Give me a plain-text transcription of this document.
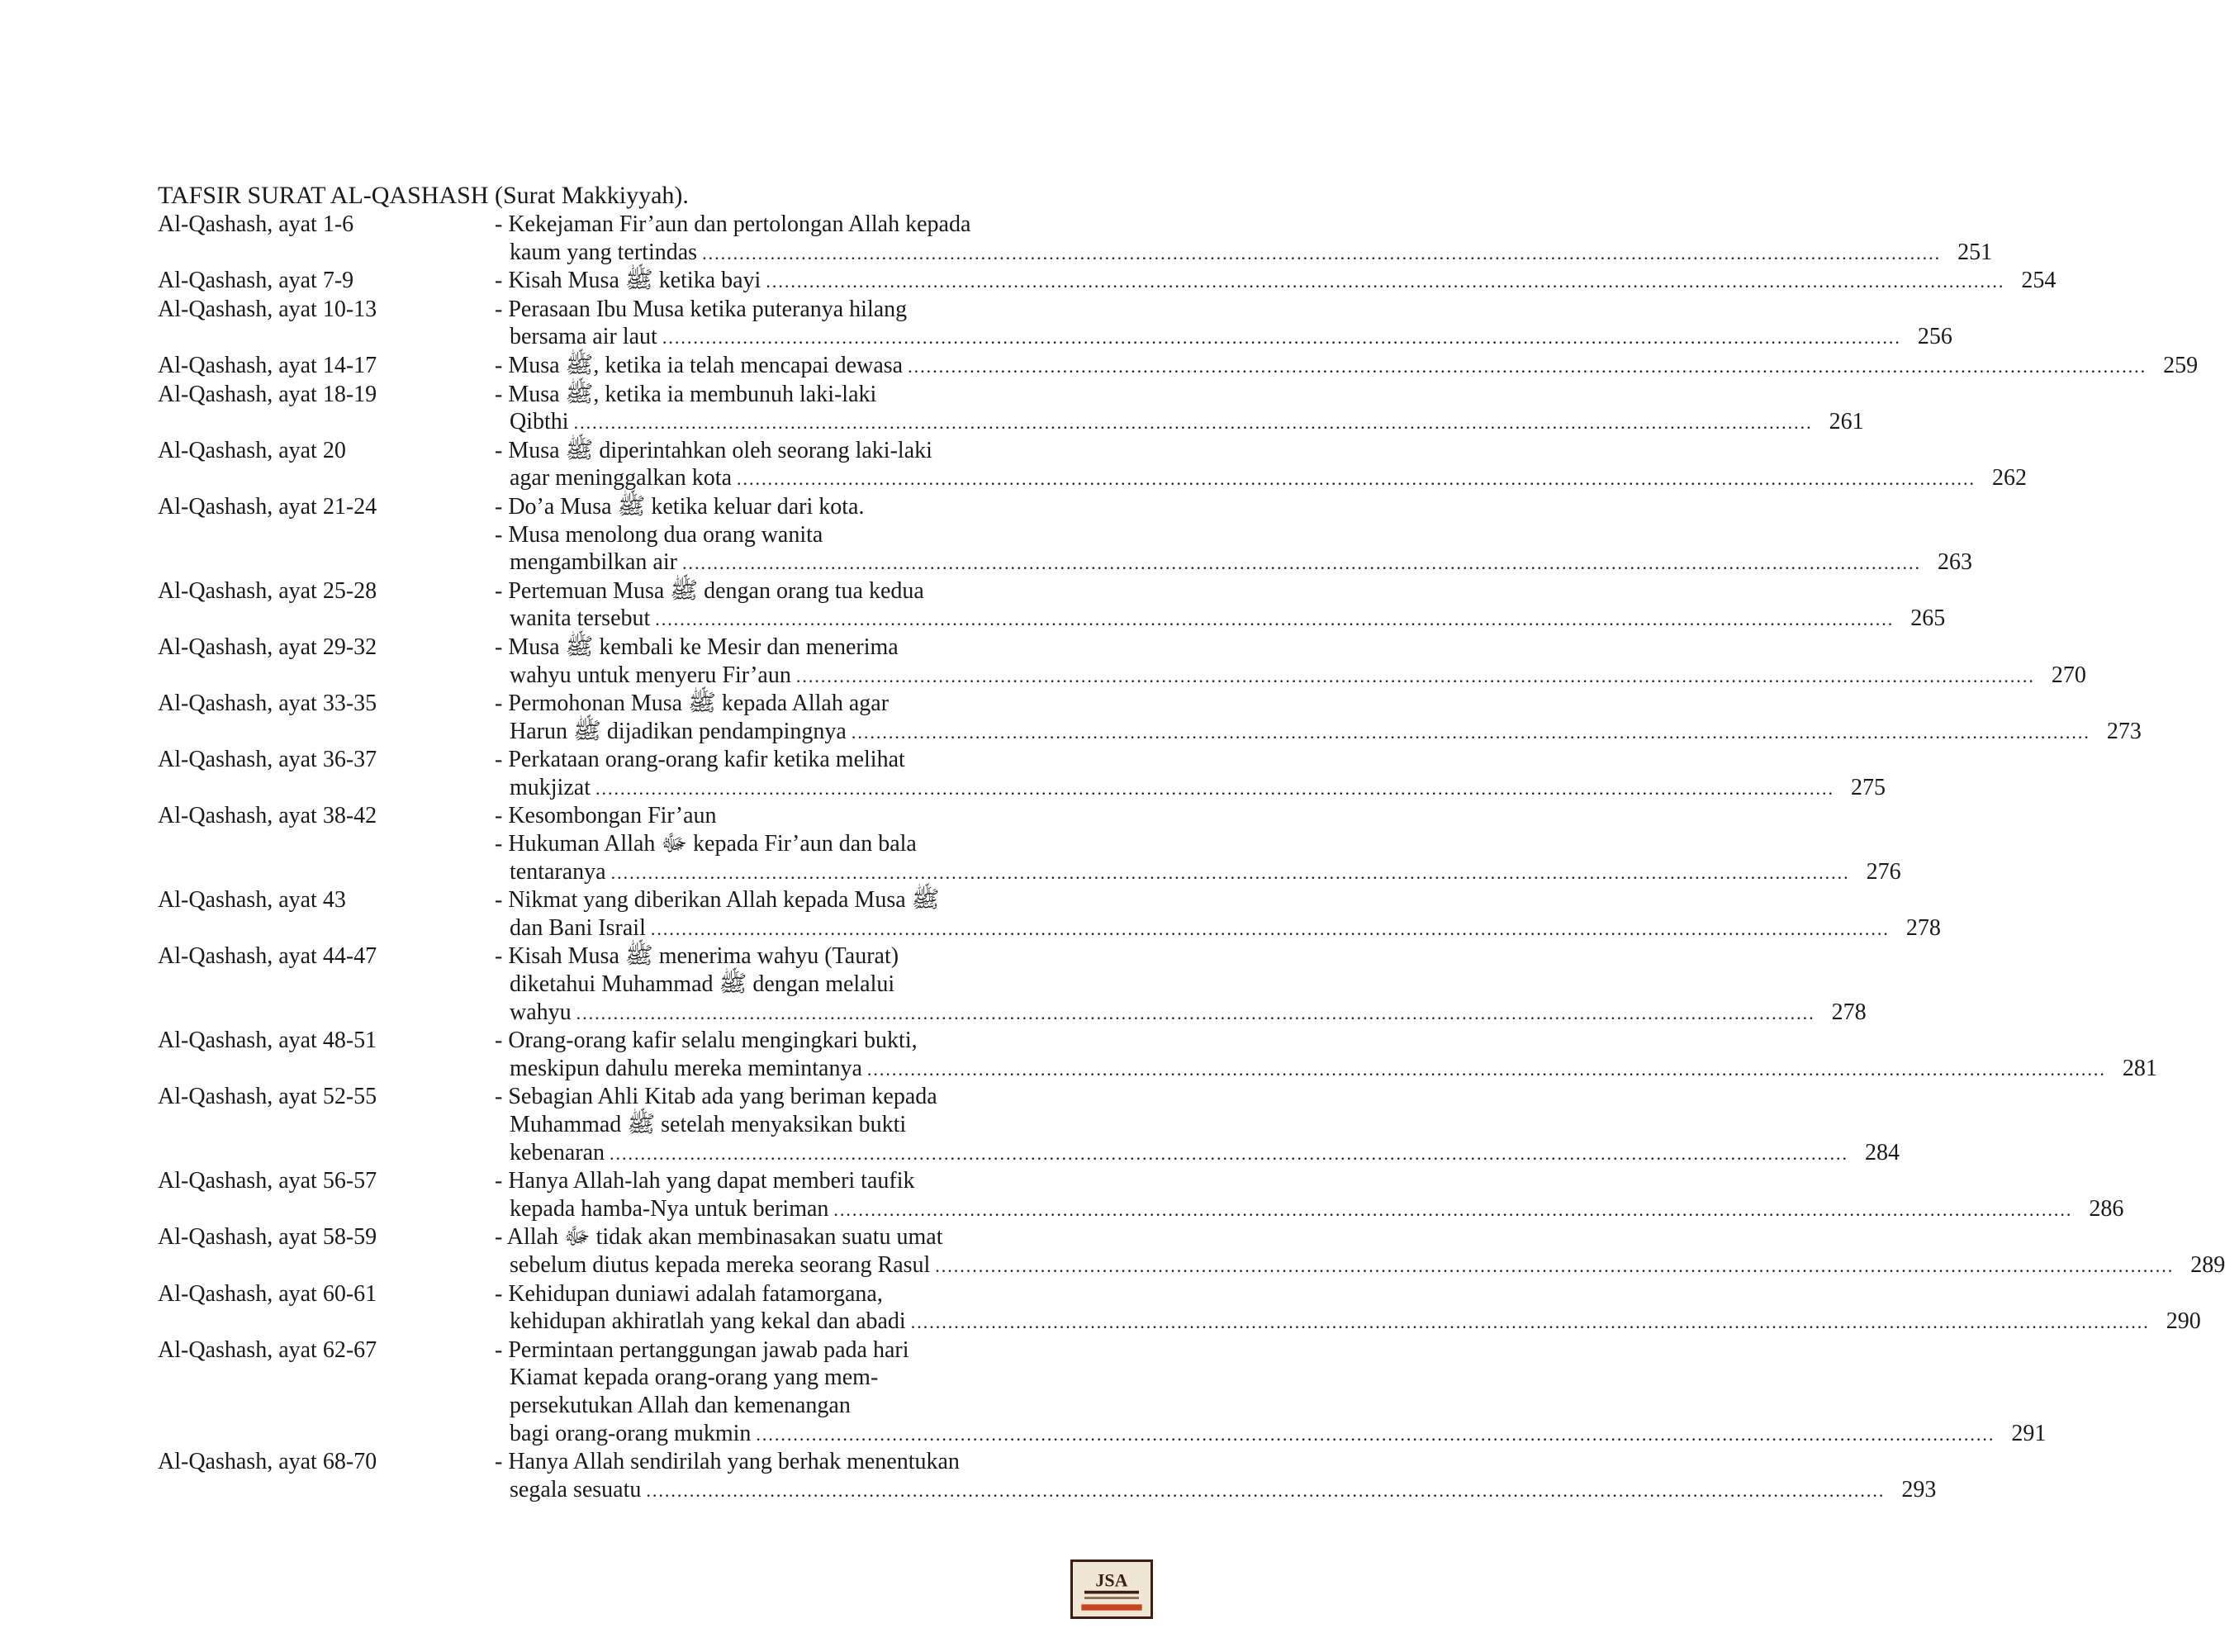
TAFSIR SURAT AL-QASHASH (Surat Makkiyyah).
Al-Qashash, ayat 1-6	- Kekejaman Fir’aun dan pertolongan Allah kepada
kaum yang tertindas ........................................................................................................................................................................................................ 251
Al-Qashash, ayat 7-9	- Kisah Musa ﷺ ketika bayi ........................................................................................................................................................................................................ 254
Al-Qashash, ayat 10-13	- Perasaan Ibu Musa ketika puteranya hilang
bersama air laut ........................................................................................................................................................................................................ 256
Al-Qashash, ayat 14-17	- Musa ﷺ, ketika ia telah mencapai dewasa ........................................................................................................................................................................................................ 259
Al-Qashash, ayat 18-19	- Musa ﷺ, ketika ia membunuh laki-laki
Qibthi ........................................................................................................................................................................................................ 261
Al-Qashash, ayat 20	- Musa ﷺ diperintahkan oleh seorang laki-laki
agar meninggalkan kota ........................................................................................................................................................................................................ 262
Al-Qashash, ayat 21-24	- Do’a Musa ﷺ ketika keluar dari kota.
- Musa menolong dua orang wanita
mengambilkan air ........................................................................................................................................................................................................ 263
Al-Qashash, ayat 25-28	- Pertemuan Musa ﷺ dengan orang tua kedua
wanita tersebut ........................................................................................................................................................................................................ 265
Al-Qashash, ayat 29-32	- Musa ﷺ kembali ke Mesir dan menerima
wahyu untuk menyeru Fir’aun ........................................................................................................................................................................................................ 270
Al-Qashash, ayat 33-35	- Permohonan Musa ﷺ kepada Allah agar
Harun ﷺ dijadikan pendampingnya ........................................................................................................................................................................................................ 273
Al-Qashash, ayat 36-37	- Perkataan orang-orang kafir ketika melihat
mukjizat ........................................................................................................................................................................................................ 275
Al-Qashash, ayat 38-42	- Kesombongan Fir’aun
- Hukuman Allah ﷻ kepada Fir’aun dan bala
tentaranya ........................................................................................................................................................................................................ 276
Al-Qashash, ayat 43	- Nikmat yang diberikan Allah kepada Musa ﷺ
dan Bani Israil ........................................................................................................................................................................................................ 278
Al-Qashash, ayat 44-47	- Kisah Musa ﷺ menerima wahyu (Taurat)
diketahui Muhammad ﷺ dengan melalui
wahyu ........................................................................................................................................................................................................ 278
Al-Qashash, ayat 48-51	- Orang-orang kafir selalu mengingkari bukti,
meskipun dahulu mereka memintanya ........................................................................................................................................................................................................ 281
Al-Qashash, ayat 52-55	- Sebagian Ahli Kitab ada yang beriman kepada
Muhammad ﷺ setelah menyaksikan bukti
kebenaran ........................................................................................................................................................................................................ 284
Al-Qashash, ayat 56-57	- Hanya Allah-lah yang dapat memberi taufik
kepada hamba-Nya untuk beriman ........................................................................................................................................................................................................ 286
Al-Qashash, ayat 58-59	- Allah ﷻ tidak akan membinasakan suatu umat
sebelum diutus kepada mereka seorang Rasul ........................................................................................................................................................................................................ 289
Al-Qashash, ayat 60-61	- Kehidupan duniawi adalah fatamorgana,
kehidupan akhiratlah yang kekal dan abadi ........................................................................................................................................................................................................ 290
Al-Qashash, ayat 62-67	- Permintaan pertanggungan jawab pada hari
Kiamat kepada orang-orang yang mem-
persekutukan Allah dan kemenangan
bagi orang-orang mukmin ........................................................................................................................................................................................................ 291
Al-Qashash, ayat 68-70	- Hanya Allah sendirilah yang berhak menentukan
segala sesuatu ........................................................................................................................................................................................................ 293
JSA
